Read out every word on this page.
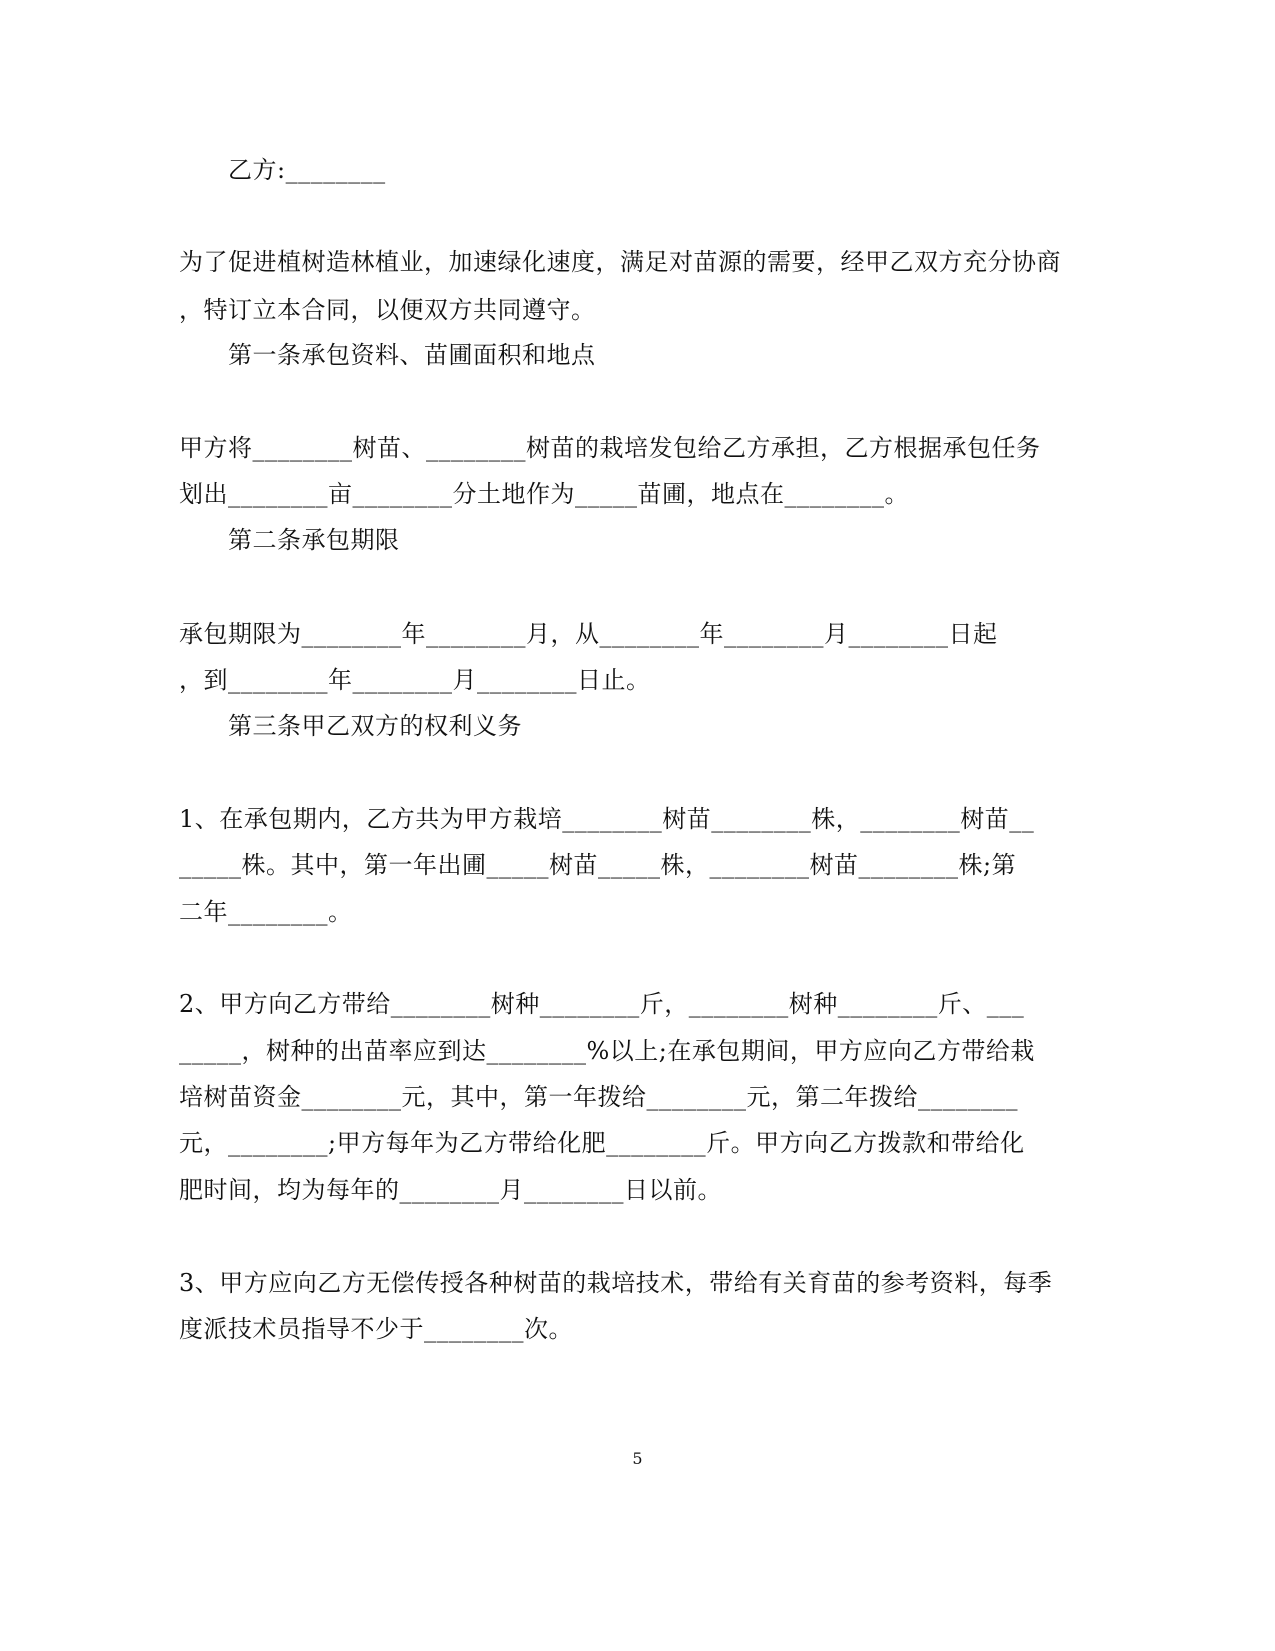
乙方:________
为了促进植树造林植业，加速绿化速度，满足对苗源的需要，经甲乙双方充分协商
，特订立本合同，以便双方共同遵守。
第一条承包资料、苗圃面积和地点
甲方将________树苗、________树苗的栽培发包给乙方承担，乙方根据承包任务
划出________亩________分土地作为_____苗圃，地点在________。
第二条承包期限
承包期限为________年________月，从________年________月________日起
，到________年________月________日止。
第三条甲乙双方的权利义务
1、在承包期内，乙方共为甲方栽培________树苗________株，________树苗__
_____株。其中，第一年出圃_____树苗_____株，________树苗________株;第
二年________。
2、甲方向乙方带给________树种________斤，________树种________斤、___
_____，树种的出苗率应到达________%以上;在承包期间，甲方应向乙方带给栽
培树苗资金________元，其中，第一年拨给________元，第二年拨给________
元，________;甲方每年为乙方带给化肥________斤。甲方向乙方拨款和带给化
肥时间，均为每年的________月________日以前。
3、甲方应向乙方无偿传授各种树苗的栽培技术，带给有关育苗的参考资料，每季
度派技术员指导不少于________次。
5
